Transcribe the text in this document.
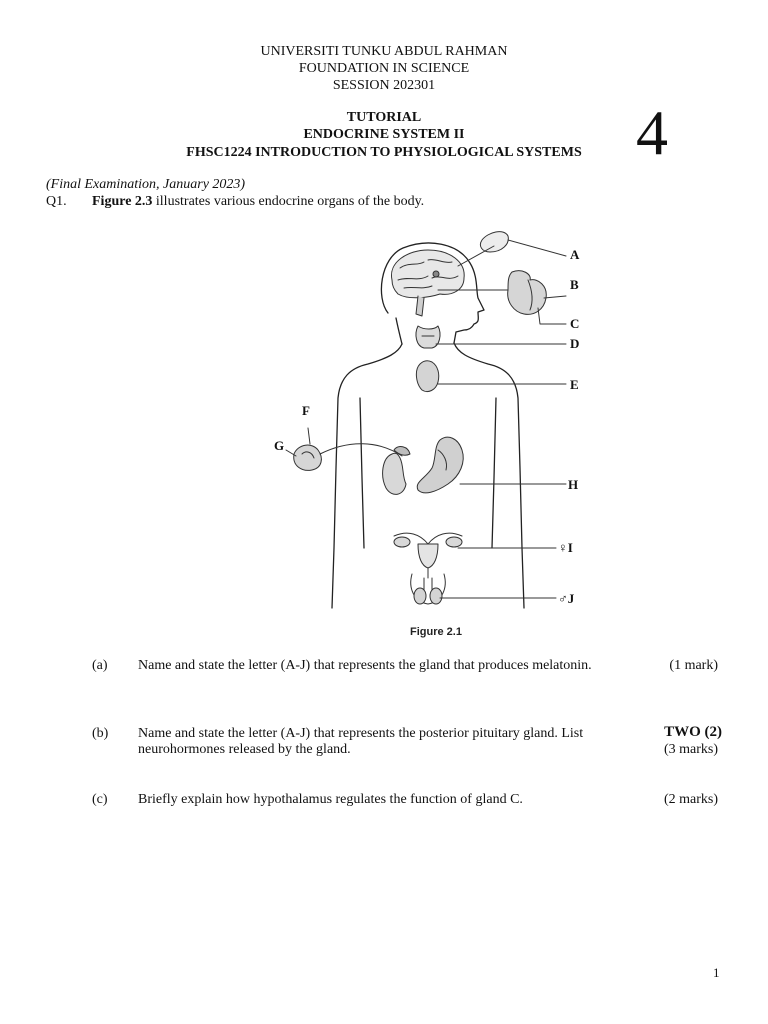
UNIVERSITI TUNKU ABDUL RAHMAN
FOUNDATION IN SCIENCE
SESSION 202301
TUTORIAL
ENDOCRINE SYSTEM II
FHSC1224 INTRODUCTION TO PHYSIOLOGICAL SYSTEMS 4
(Final Examination, January 2023)
Q1. Figure 2.3 illustrates various endocrine organs of the body.
A
B
C
D
E
F
G
H
♀I
♂J
Figure 2.1
(a) Name and state the letter (A-J) that represents the gland that produces melatonin.	(1 mark)
(b) Name and state the letter (A-J) that represents the posterior pituitary gland. List	TWO (2)
neurohormones released by the gland.	(3 marks)
(c) Briefly explain how hypothalamus regulates the function of gland C.	(2 marks)
1
